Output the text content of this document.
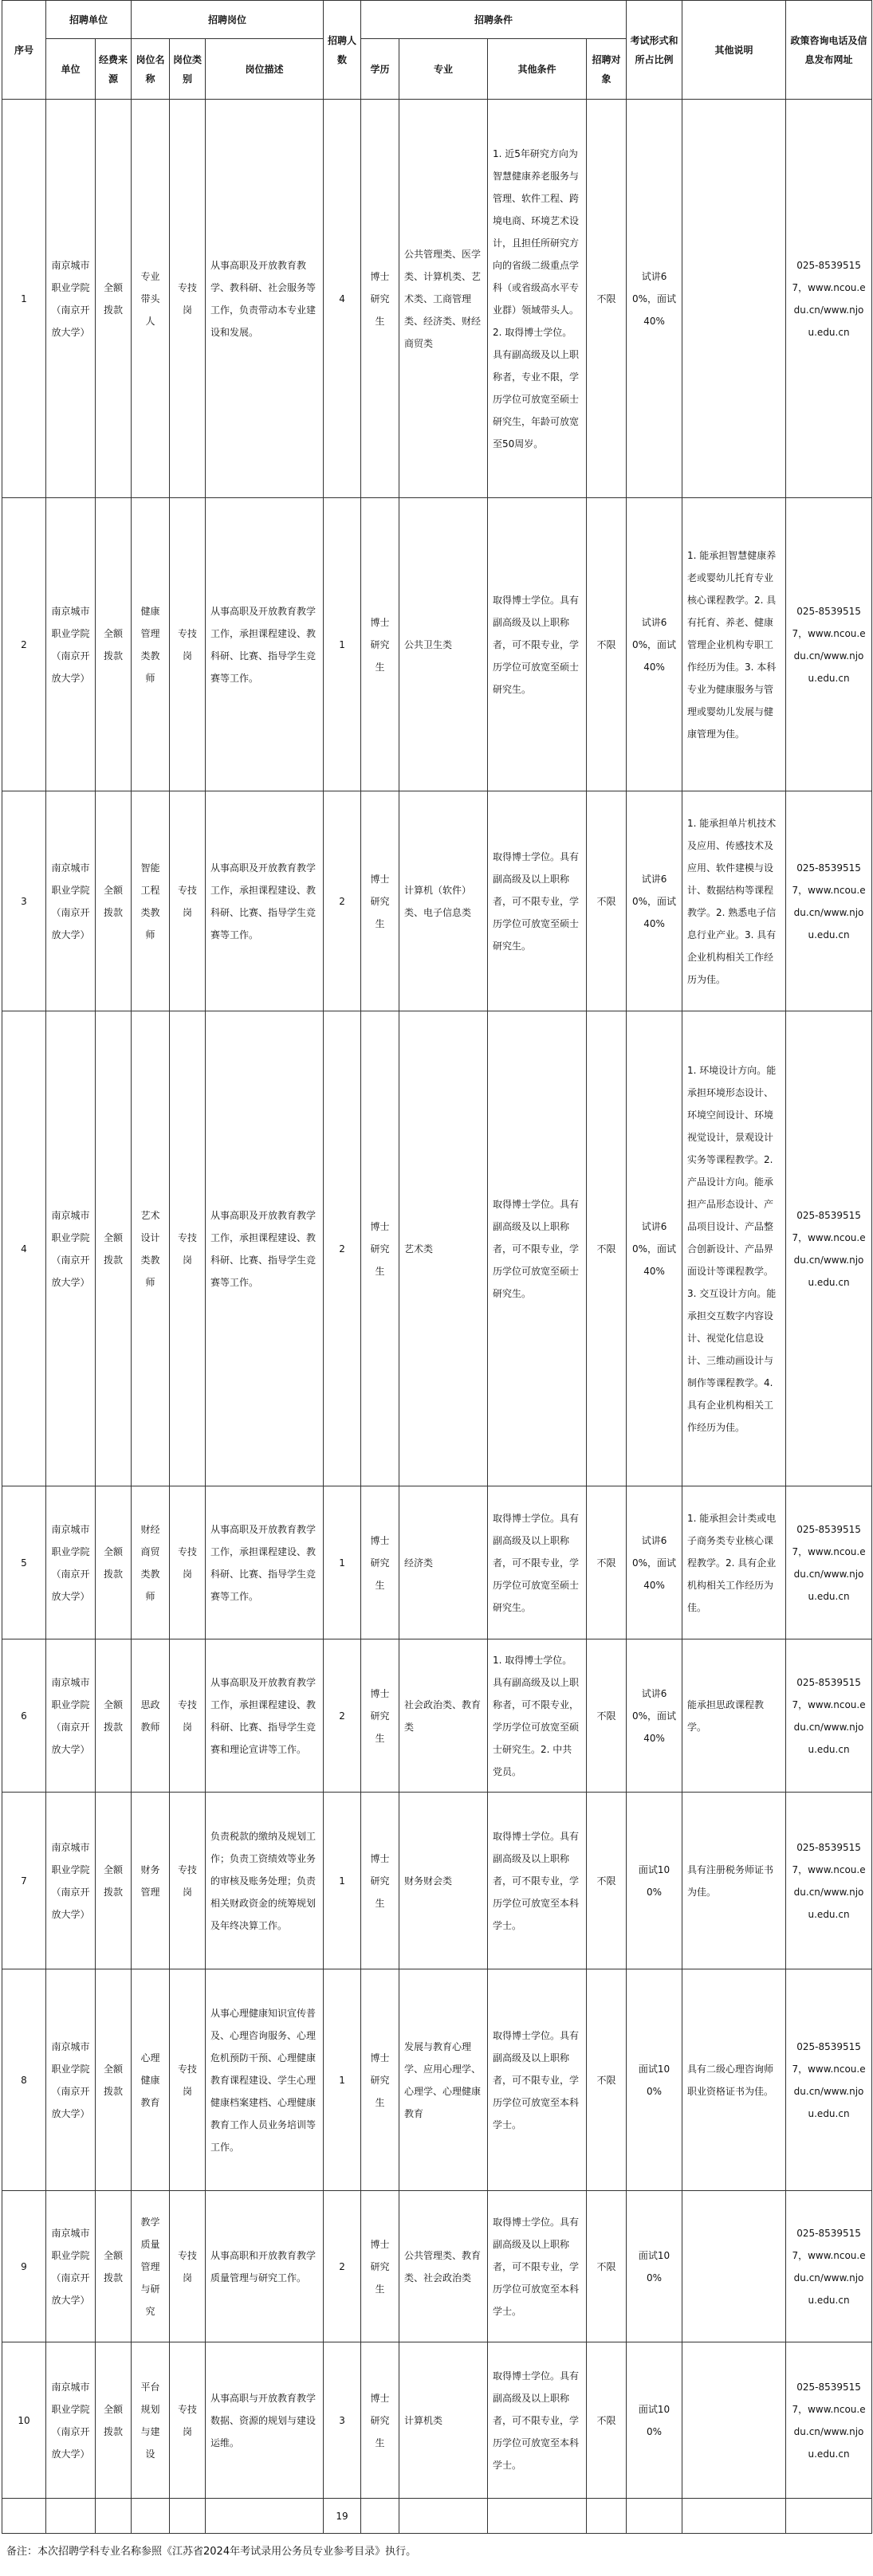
序号	招聘单位		招聘岗位			招聘人数	招聘条件				考试形式和所占比例	其他说明	政策咨询电话及信息发布网址
	单位	经费来源	岗位名称	岗位类别	岗位描述		学历	专业	其他条件	招聘对象			
1	南京城市职业学院（南京开放大学）	全额拨款	专业带头人	专技岗	从事高职及开放教育教学、教科研、社会服务等工作，负责带动本专业建设和发展。	4	博士研究生	公共管理类、医学类、计算机类、艺术类、工商管理类、经济类、财经商贸类	1. 近5年研究方向为智慧健康养老服务与管理、软件工程、跨境电商、环境艺术设计，且担任所研究方向的省级二级重点学科（或省级高水平专业群）领域带头人。2. 取得博士学位。具有副高级及以上职称者，专业不限，学历学位可放宽至硕士研究生，年龄可放宽至50周岁。	不限	试讲60%，面试40%		025-85395157，www.ncou.edu.cn/www.njou.edu.cn
2	南京城市职业学院（南京开放大学）	全额拨款	健康管理类教师	专技岗	从事高职及开放教育教学工作，承担课程建设、教科研、比赛、指导学生竞赛等工作。	1	博士研究生	公共卫生类	取得博士学位。具有副高级及以上职称者，可不限专业，学历学位可放宽至硕士研究生。	不限	试讲60%，面试40%	1. 能承担智慧健康养老或婴幼儿托育专业核心课程教学。2. 具有托育、养老、健康管理企业机构专职工作经历为佳。3. 本科专业为健康服务与管理或婴幼儿发展与健康管理为佳。	025-85395157，www.ncou.edu.cn/www.njou.edu.cn
3	南京城市职业学院（南京开放大学）	全额拨款	智能工程类教师	专技岗	从事高职及开放教育教学工作，承担课程建设、教科研、比赛、指导学生竞赛等工作。	2	博士研究生	计算机（软件）类、电子信息类	取得博士学位。具有副高级及以上职称者，可不限专业，学历学位可放宽至硕士研究生。	不限	试讲60%，面试40%	1. 能承担单片机技术及应用、传感技术及应用、软件建模与设计、数据结构等课程教学。2. 熟悉电子信息行业产业。3. 具有企业机构相关工作经历为佳。	025-85395157，www.ncou.edu.cn/www.njou.edu.cn
4	南京城市职业学院（南京开放大学）	全额拨款	艺术设计类教师	专技岗	从事高职及开放教育教学工作，承担课程建设、教科研、比赛、指导学生竞赛等工作。	2	博士研究生	艺术类	取得博士学位。具有副高级及以上职称者，可不限专业，学历学位可放宽至硕士研究生。	不限	试讲60%，面试40%	1. 环境设计方向。能承担环境形态设计、环境空间设计、环境视觉设计，景观设计实务等课程教学。2. 产品设计方向。能承担产品形态设计、产品项目设计、产品整合创新设计、产品界面设计等课程教学。3. 交互设计方向。能承担交互数字内容设计、视觉化信息设计、三维动画设计与制作等课程教学。4. 具有企业机构相关工作经历为佳。	025-85395157，www.ncou.edu.cn/www.njou.edu.cn
5	南京城市职业学院（南京开放大学）	全额拨款	财经商贸类教师	专技岗	从事高职及开放教育教学工作，承担课程建设、教科研、比赛、指导学生竞赛等工作。	1	博士研究生	经济类	取得博士学位。具有副高级及以上职称者，可不限专业，学历学位可放宽至硕士研究生。	不限	试讲60%，面试40%	1. 能承担会计类或电子商务类专业核心课程教学。2. 具有企业机构相关工作经历为佳。	025-85395157，www.ncou.edu.cn/www.njou.edu.cn
6	南京城市职业学院（南京开放大学）	全额拨款	思政教师	专技岗	从事高职及开放教育教学工作，承担课程建设、教科研、比赛、指导学生竞赛和理论宣讲等工作。	2	博士研究生	社会政治类、教育类	1. 取得博士学位。具有副高级及以上职称者，可不限专业，学历学位可放宽至硕士研究生。2. 中共党员。	不限	试讲60%，面试40%	能承担思政课程教学。	025-85395157，www.ncou.edu.cn/www.njou.edu.cn
7	南京城市职业学院（南京开放大学）	全额拨款	财务管理	专技岗	负责税款的缴纳及规划工作；负责工资绩效等业务的审核及账务处理；负责相关财政资金的统筹规划及年终决算工作。	1	博士研究生	财务财会类	取得博士学位。具有副高级及以上职称者，可不限专业，学历学位可放宽至本科学士。	不限	面试100%	具有注册税务师证书为佳。	025-85395157，www.ncou.edu.cn/www.njou.edu.cn
8	南京城市职业学院（南京开放大学）	全额拨款	心理健康教育	专技岗	从事心理健康知识宣传普及、心理咨询服务、心理危机预防干预、心理健康教育课程建设、学生心理健康档案建档、心理健康教育工作人员业务培训等工作。	1	博士研究生	发展与教育心理学、应用心理学、心理学、心理健康教育	取得博士学位。具有副高级及以上职称者，可不限专业，学历学位可放宽至本科学士。	不限	面试100%	具有二级心理咨询师职业资格证书为佳。	025-85395157，www.ncou.edu.cn/www.njou.edu.cn
9	南京城市职业学院（南京开放大学）	全额拨款	教学质量管理与研究	专技岗	从事高职和开放教育教学质量管理与研究工作。	2	博士研究生	公共管理类、教育类、社会政治类	取得博士学位。具有副高级及以上职称者，可不限专业，学历学位可放宽至本科学士。	不限	面试100%		025-85395157，www.ncou.edu.cn/www.njou.edu.cn
10	南京城市职业学院（南京开放大学）	全额拨款	平台规划与建设	专技岗	从事高职与开放教育教学数据、资源的规划与建设运维。	3	博士研究生	计算机类	取得博士学位。具有副高级及以上职称者，可不限专业，学历学位可放宽至本科学士。	不限	面试100%		025-85395157，www.ncou.edu.cn/www.njou.edu.cn
						19							
备注：本次招聘学科专业名称参照《江苏省2024年考试录用公务员专业参考目录》执行。
